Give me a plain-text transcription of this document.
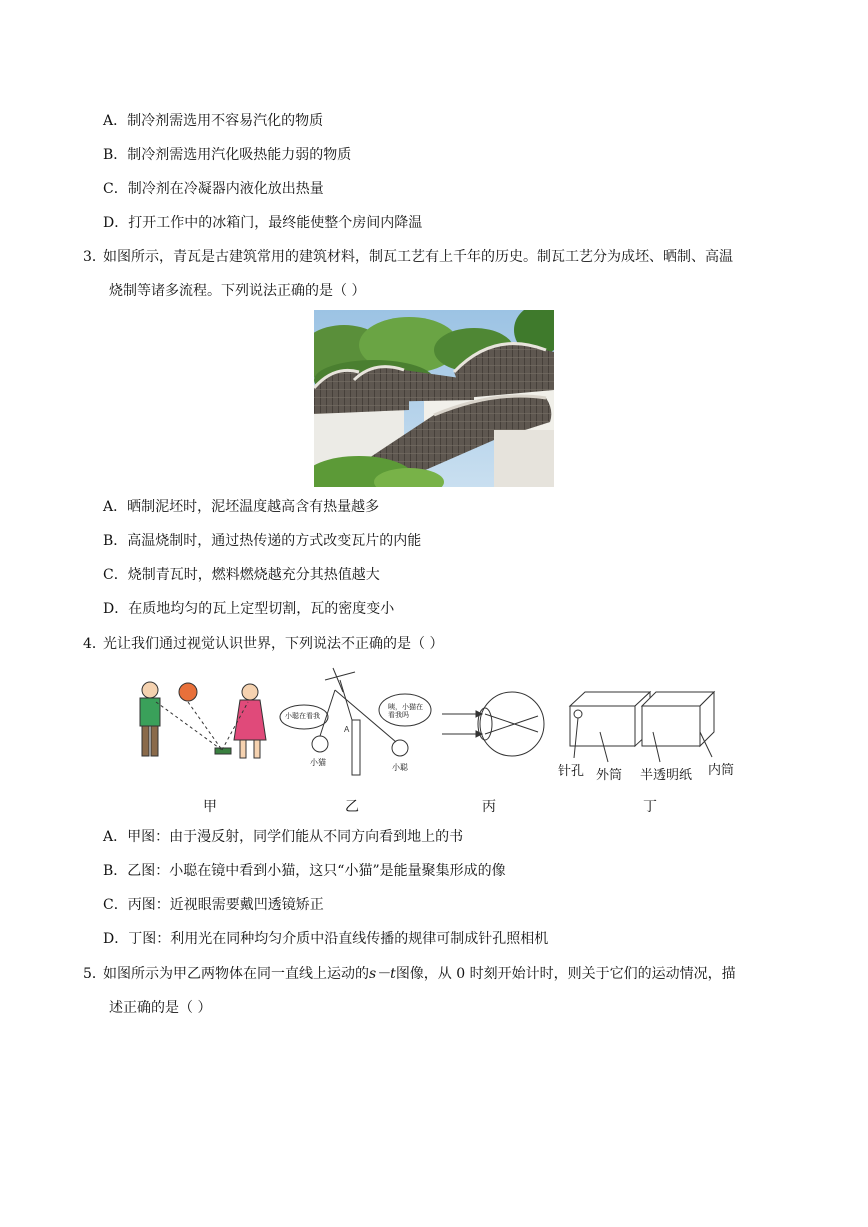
A．制冷剂需选用不容易汽化的物质
B．制冷剂需选用汽化吸热能力弱的物质
C．制冷剂在冷凝器内液化放出热量
D．打开工作中的冰箱门，最终能使整个房间内降温
3．
如图所示，青瓦是古建筑常用的建筑材料，制瓦工艺有上千年的历史。制瓦工艺分为成坯、晒制、高温
烧制等诸多流程。下列说法正确的是（ ）
A．晒制泥坯时，泥坯温度越高含有热量越多
B．高温烧制时，通过热传递的方式改变瓦片的内能
C．烧制青瓦时，燃料燃烧越充分其热值越大
D．在质地均匀的瓦上定型切割，瓦的密度变小
4．
光让我们通过视觉认识世界，下列说法不正确的是（ ）
A
小聪在看我
咦，小猫在看我吗
小猫
小聪	针孔 外筒 半透明纸 内筒
甲	乙	丙	丁
A．甲图：由于漫反射，同学们能从不同方向看到地上的书
B．乙图：小聪在镜中看到小猫，这只“小猫”是能量聚集形成的像
C．丙图：近视眼需要戴凹透镜矫正
D．丁图：利用光在同种均匀介质中沿直线传播的规律可制成针孔照相机
5．
如图所示为甲乙两物体在同一直线上运动的s－t图像，从 0 时刻开始计时，则关于它们的运动情况，描
述正确的是（ ）
